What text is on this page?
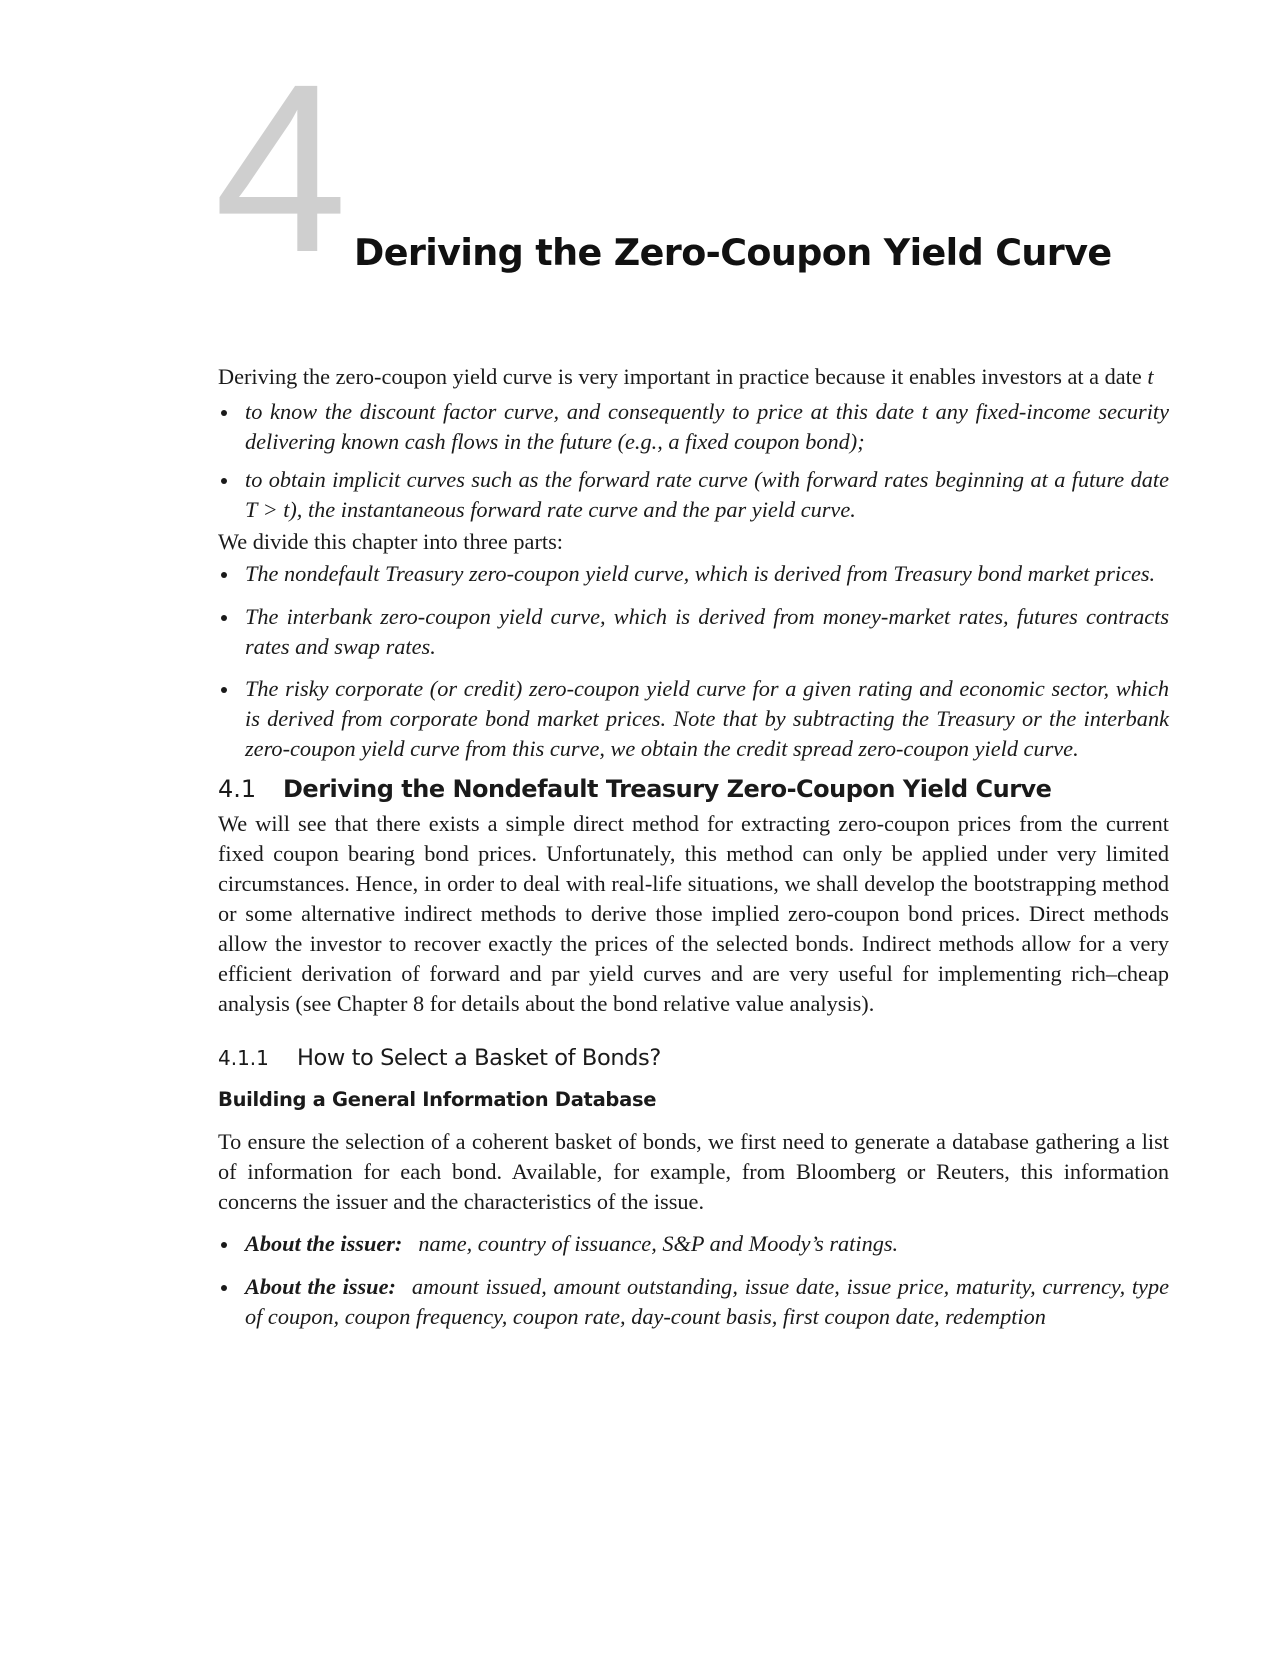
4 Deriving the Zero-Coupon Yield Curve

Deriving the zero-coupon yield curve is very important in practice because it enables investors at a date t

to know the discount factor curve, and consequently to price at this date t any fixed-income security delivering known cash flows in the future (e.g., a fixed coupon bond);
to obtain implicit curves such as the forward rate curve (with forward rates beginning at a future date T > t), the instantaneous forward rate curve and the par yield curve.

We divide this chapter into three parts:

The nondefault Treasury zero-coupon yield curve, which is derived from Treasury bond market prices.
The interbank zero-coupon yield curve, which is derived from money-market rates, futures contracts rates and swap rates.
The risky corporate (or credit) zero-coupon yield curve for a given rating and economic sector, which is derived from corporate bond market prices. Note that by subtracting the Treasury or the interbank zero-coupon yield curve from this curve, we obtain the credit spread zero-coupon yield curve.
4.1 Deriving the Nondefault Treasury Zero-Coupon Yield Curve

We will see that there exists a simple direct method for extracting zero-coupon prices from the current fixed coupon bearing bond prices. Unfortunately, this method can only be applied under very limited circumstances. Hence, in order to deal with real-life situations, we shall develop the bootstrapping method or some alternative indirect methods to derive those implied zero-coupon bond prices. Direct methods allow the investor to recover exactly the prices of the selected bonds. Indirect methods allow for a very efficient derivation of forward and par yield curves and are very useful for implementing rich–cheap analysis (see Chapter 8 for details about the bond relative value analysis).

4.1.1 How to Select a Basket of Bonds?
Building a General Information Database

To ensure the selection of a coherent basket of bonds, we first need to generate a database gathering a list of information for each bond. Available, for example, from Bloomberg or Reuters, this information concerns the issuer and the characteristics of the issue.

About the issuer: name, country of issuance, S&P and Moody’s ratings.
About the issue: amount issued, amount outstanding, issue date, issue price, maturity, currency, type of coupon, coupon frequency, coupon rate, day-count basis, first coupon date, redemption
